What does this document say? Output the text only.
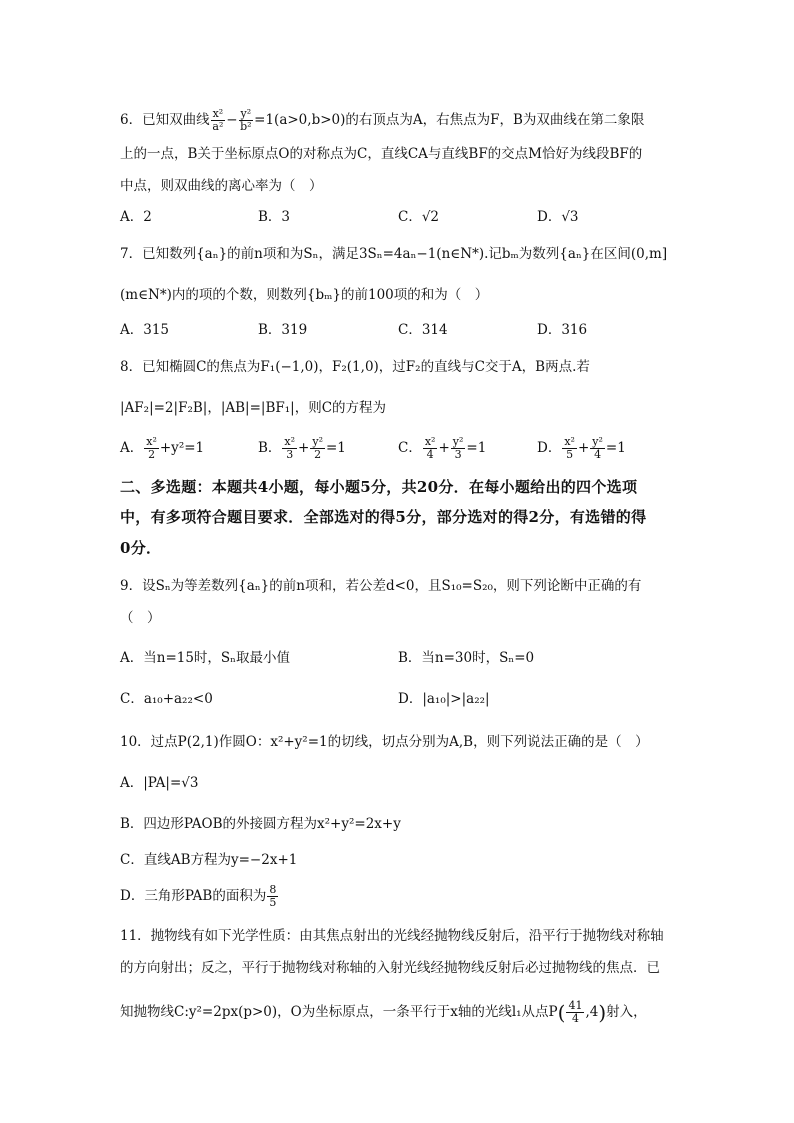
6．已知双曲线 $\frac{\text{x²}}{\text{a²}} - \frac{\text{y²}}{\text{b²}} =1(a>0,b>0)$的右顶点为A，右焦点为F，B为双曲线在第二象限
上的一点，B关于坐标原点O的对称点为C，直线CA与直线BF的交点M恰好为线段BF的
中点，则双曲线的离心率为（　）
A．2	B．3	C．√2	D．√3
7．已知数列{aₙ}的前n项和为Sₙ，满足3Sₙ=4aₙ−1(n∈N*).记bₘ为数列{aₙ}在区间(0,m]
(m∈N*)内的项的个数，则数列{bₘ}的前100项的和为（　）
A．315	B．319	C．314	D．316
8．已知椭圆C的焦点为F₁(−1,0)，F₂(1,0)，过F₂的直线与C交于A，B两点.若
|AF₂|=2|F₂B|，|AB|=|BF₁|，则C的方程为
A． $\frac{\text{x²}}{2} +y^2=1$	B． $\frac{\text{x²}}{3} + \frac{\text{y²}}{2} =1$	C． $\frac{\text{x²}}{4} + \frac{\text{y²}}{3} =1$	D． $\frac{\text{x²}}{5} + \frac{\text{y²}}{4} =1$
二、多选题：本题共4小题，每小题5分，共20分．在每小题给出的四个选项
中，有多项符合题目要求．全部选对的得5分，部分选对的得2分，有选错的得
0分．
9．设Sₙ为等差数列{aₙ}的前n项和，若公差d<0，且S₁₀=S₂₀，则下列论断中正确的有
（　）
A．当n=15时，Sₙ取最小值	B．当n=30时，Sₙ=0
C．a₁₀+a₂₂<0	D．|a₁₀|>|a₂₂|
10．过点P(2,1)作圆O：x²+y²=1的切线，切点分别为A,B，则下列说法正确的是（　）
A．|PA|=√3
B．四边形PAOB的外接圆方程为x²+y²=2x+y
C．直线AB方程为y=−2x+1
D．三角形PAB的面积为 $\frac{8}{5}$
11．抛物线有如下光学性质：由其焦点射出的光线经抛物线反射后，沿平行于抛物线对称轴
的方向射出；反之，平行于抛物线对称轴的入射光线经抛物线反射后必过抛物线的焦点．已
知抛物线C:y²=2px(p>0)，O为坐标原点，一条平行于x轴的光线l₁从点$P( \frac{41}{4} ,4)$射入，
